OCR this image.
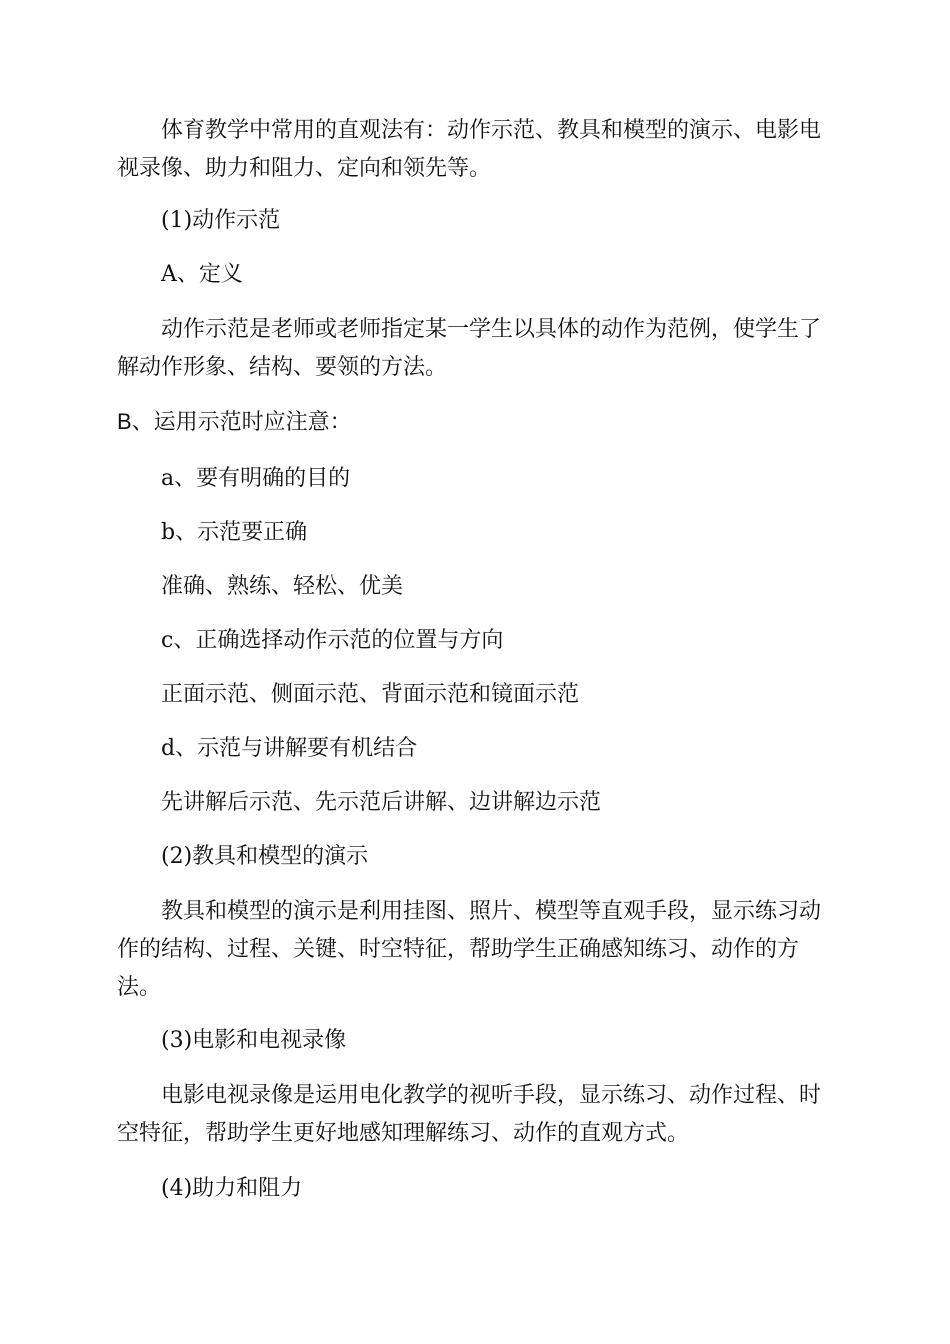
体育教学中常用的直观法有：动作示范、教具和模型的演示、电影电视录像、助力和阻力、定向和领先等。
(1)动作示范
A、定义
动作示范是老师或老师指定某一学生以具体的动作为范例，使学生了解动作形象、结构、要领的方法。
B、运用示范时应注意：
a、要有明确的目的
b、示范要正确
准确、熟练、轻松、优美
c、正确选择动作示范的位置与方向
正面示范、侧面示范、背面示范和镜面示范
d、示范与讲解要有机结合
先讲解后示范、先示范后讲解、边讲解边示范
(2)教具和模型的演示
教具和模型的演示是利用挂图、照片、模型等直观手段，显示练习动作的结构、过程、关键、时空特征，帮助学生正确感知练习、动作的方法。
(3)电影和电视录像
电影电视录像是运用电化教学的视听手段，显示练习、动作过程、时空特征，帮助学生更好地感知理解练习、动作的直观方式。
(4)助力和阻力
